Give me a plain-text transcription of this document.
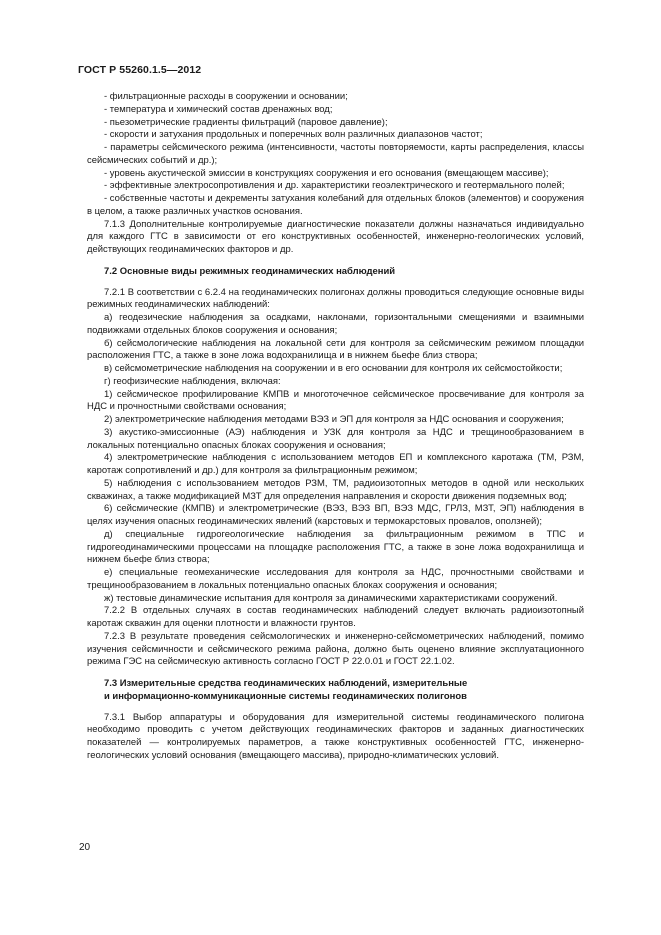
ГОСТ Р 55260.1.5—2012

- фильтрационные расходы в сооружении и основании;

- температура и химический состав дренажных вод;

- пьезометрические градиенты фильтраций (паровое давление);

- скорости и затухания продольных и поперечных волн различных диапазонов частот;

- параметры сейсмического режима (интенсивности, частоты повторяемости, карты распределения, классы сейсмических событий и др.);

- уровень акустической эмиссии в конструкциях сооружения и его основания (вмещающем массиве);

- эффективные электросопротивления и др. характеристики геоэлектрического и геотермального полей;

- собственные частоты и декременты затухания колебаний для отдельных блоков (элементов) и сооружения в целом, а также различных участков основания.

7.1.3 Дополнительные контролируемые диагностические показатели должны назначаться индивидуально для каждого ГТС в зависимости от его конструктивных особенностей, инженерно-геологических условий, действующих геодинамических факторов и др.

7.2 Основные виды режимных геодинамических наблюдений

7.2.1 В соответствии с 6.2.4 на геодинамических полигонах должны проводиться следующие основные виды режимных геодинамических наблюдений:

а) геодезические наблюдения за осадками, наклонами, горизонтальными смещениями и взаимными подвижками отдельных блоков сооружения и основания;

б) сейсмологические наблюдения на локальной сети для контроля за сейсмическим режимом площадки расположения ГТС, а также в зоне ложа водохранилища и в нижнем бьефе близ створа;

в) сейсмометрические наблюдения на сооружении и в его основании для контроля их сейсмостойкости;

г) геофизические наблюдения, включая:

1) сейсмическое профилирование КМПВ и многоточечное сейсмическое просвечивание для контроля за НДС и прочностными свойствами основания;

2) электрометрические наблюдения методами ВЭЗ и ЭП для контроля за НДС основания и сооружения;

3) акустико-эмиссионные (АЭ) наблюдения и УЗК для контроля за НДС и трещинообразованием в локальных потенциально опасных блоках сооружения и основания;

4) электрометрические наблюдения с использованием методов ЕП и комплексного каротажа (ТМ, РЗМ, каротаж сопротивлений и др.) для контроля за фильтрационным режимом;

5) наблюдения с использованием методов РЗМ, ТМ, радиоизотопных методов в одной или нескольких скважинах, а также модификацией МЗТ для определения направления и скорости движения подземных вод;

6) сейсмические (КМПВ) и электрометрические (ВЭЗ, ВЭЗ ВП, ВЭЗ МДС, ГРЛЗ, МЗТ, ЭП) наблюдения в целях изучения опасных геодинамических явлений (карстовых и термокарстовых провалов, оползней);

д) специальные гидрогеологические наблюдения за фильтрационным режимом в ТПС и гидрогеодинамическими процессами на площадке расположения ГТС, а также в зоне ложа водохранилища и нижнем бьефе близ створа;

е) специальные геомеханические исследования для контроля за НДС, прочностными свойствами и трещинообразованием в локальных потенциально опасных блоках сооружения и основания;

ж) тестовые динамические испытания для контроля за динамическими характеристиками сооружений.

7.2.2 В отдельных случаях в состав геодинамических наблюдений следует включать радиоизотопный каротаж скважин для оценки плотности и влажности грунтов.

7.2.3 В результате проведения сейсмологических и инженерно-сейсмометрических наблюдений, помимо изучения сейсмичности и сейсмического режима района, должно быть оценено влияние эксплуатационного режима ГЭС на сейсмическую активность согласно ГОСТ Р 22.0.01 и ГОСТ 22.1.02.

7.3 Измерительные средства геодинамических наблюдений, измерительные

и информационно-коммуникационные системы геодинамических полигонов

7.3.1 Выбор аппаратуры и оборудования для измерительной системы геодинамического полигона необходимо проводить с учетом действующих геодинамических факторов и заданных диагностических показателей — контролируемых параметров, а также конструктивных особенностей ГТС, инженерно-геологических условий основания (вмещающего массива), природно-климатических условий.

20
